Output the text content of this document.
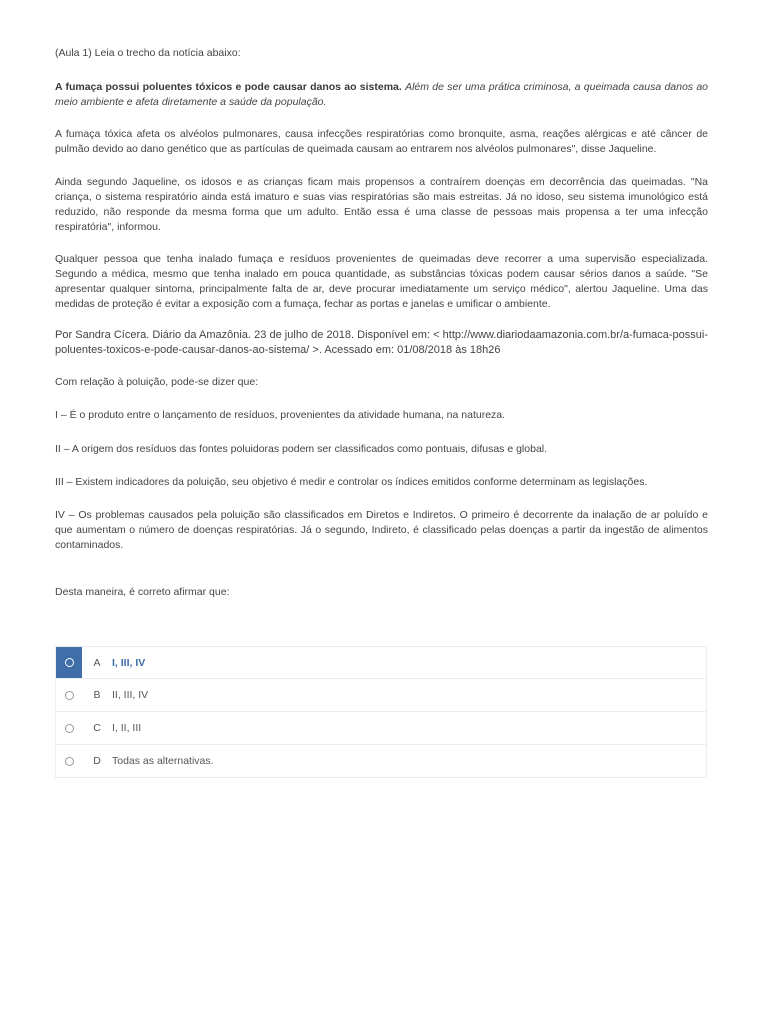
(Aula 1) Leia o trecho da notícia abaixo:

A fumaça possui poluentes tóxicos e pode causar danos ao sistema. Além de ser uma prática criminosa, a queimada causa danos ao meio ambiente e afeta diretamente a saúde da população.

A fumaça tóxica afeta os alvéolos pulmonares, causa infecções respiratórias como bronquite, asma, reações alérgicas e até câncer de pulmão devido ao dano genético que as partículas de queimada causam ao entrarem nos alvéolos pulmonares", disse Jaqueline.

Ainda segundo Jaqueline, os idosos e as crianças ficam mais propensos a contraírem doenças em decorrência das queimadas. "Na criança, o sistema respiratório ainda está imaturo e suas vias respiratórias são mais estreitas. Já no idoso, seu sistema imunológico está reduzido, não responde da mesma forma que um adulto. Então essa é uma classe de pessoas mais propensa a ter uma infecção respiratória", informou.

Qualquer pessoa que tenha inalado fumaça e resíduos provenientes de queimadas deve recorrer a uma supervisão especializada. Segundo a médica, mesmo que tenha inalado em pouca quantidade, as substâncias tóxicas podem causar sérios danos a saúde. "Se apresentar qualquer sintoma, principalmente falta de ar, deve procurar imediatamente um serviço médico", alertou Jaqueline. Uma das medidas de proteção é evitar a exposição com a fumaça, fechar as portas e janelas e umificar o ambiente.

Por Sandra Cícera. Diário da Amazônia. 23 de julho de 2018. Disponível em: < http://www.diariodaamazonia.com.br/a-fumaca-possui-poluentes-toxicos-e-pode-causar-danos-ao-sistema/ >. Acessado em: 01/08/2018 às 18h26

Com relação à poluição, pode-se dizer que:

I – É o produto entre o lançamento de resíduos, provenientes da atividade humana, na natureza.

II – A origem dos resíduos das fontes poluidoras podem ser classificados como pontuais, difusas e global.

III – Existem indicadores da poluição, seu objetivo é medir e controlar os índices emitidos conforme determinam as legislações.

IV – Os problemas causados pela poluição são classificados em Diretos e Indiretos. O primeiro é decorrente da inalação de ar poluído e que aumentam o número de doenças respiratórias. Já o segundo, Indireto, é classificado pelas doenças a partir da ingestão de alimentos contaminados.

Desta maneira, é correto afirmar que:

A	I, III, IV
B	II, III, IV
C	I, II, III
D	Todas as alternativas.
